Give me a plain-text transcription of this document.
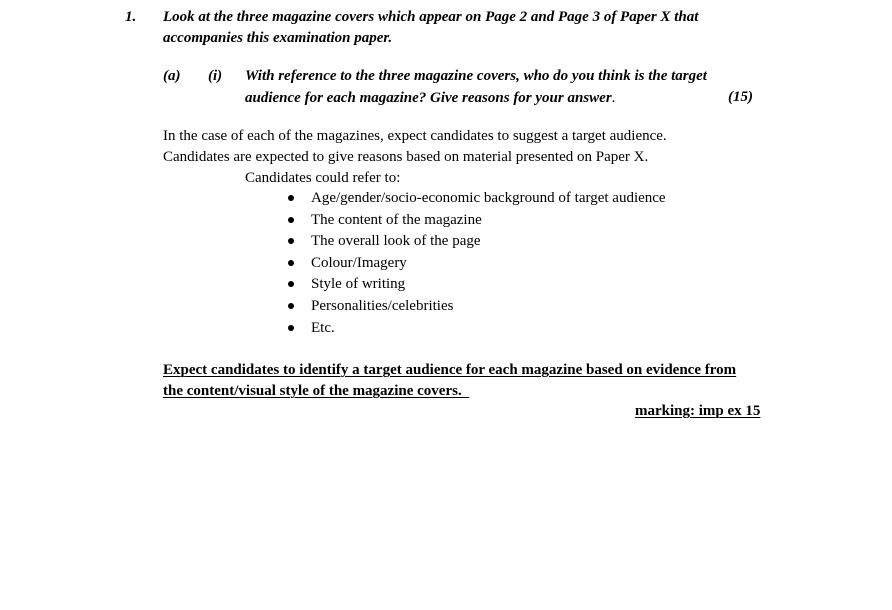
1. Look at the three magazine covers which appear on Page 2 and Page 3 of Paper X that
accompanies this examination paper.
(a) (i) With reference to the three magazine covers, who do you think is the target
audience for each magazine? Give reasons for your answer.	(15)
In the case of each of the magazines, expect candidates to suggest a target audience.
Candidates are expected to give reasons based on material presented on Paper X.
Candidates could refer to:
Age/gender/socio-economic background of target audience
The content of the magazine
The overall look of the page
Colour/Imagery
Style of writing
Personalities/celebrities
Etc.
Expect candidates to identify a target audience for each magazine based on evidence from
the content/visual style of the magazine covers.
marking: imp ex 15
